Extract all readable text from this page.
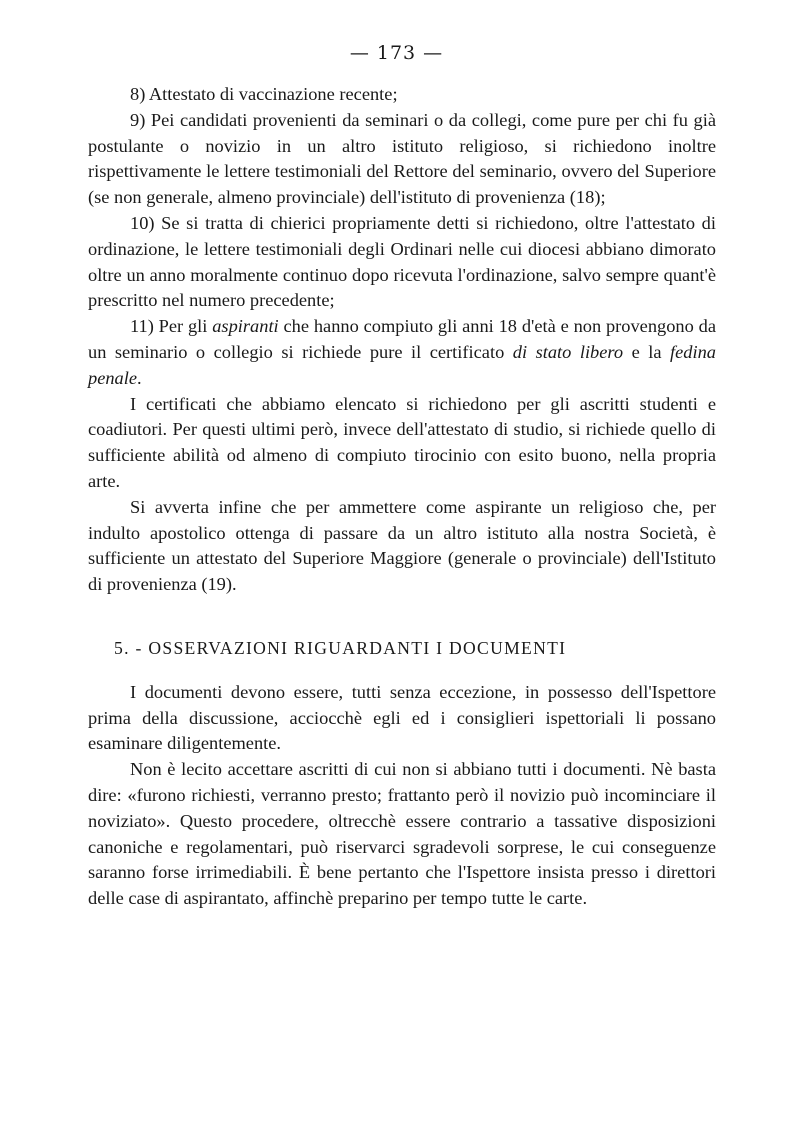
— 173 —

8) Attestato di vaccinazione recente;

9) Pei candidati provenienti da seminari o da collegi, come pure per chi fu già postulante o novizio in un altro istituto religioso, si richiedono inoltre rispettivamente le lettere testimoniali del Rettore del seminario, ovvero del Superiore (se non generale, almeno provinciale) dell'istituto di provenienza (18);

10) Se si tratta di chierici propriamente detti si richiedono, oltre l'attestato di ordinazione, le lettere testimoniali degli Ordinari nelle cui diocesi abbiano dimorato oltre un anno moralmente continuo dopo ricevuta l'ordinazione, salvo sempre quant'è prescritto nel numero precedente;

11) Per gli aspiranti che hanno compiuto gli anni 18 d'età e non provengono da un seminario o collegio si richiede pure il certificato di stato libero e la fedina penale.

I certificati che abbiamo elencato si richiedono per gli ascritti studenti e coadiutori. Per questi ultimi però, invece dell'attestato di studio, si richiede quello di sufficiente abilità od almeno di compiuto tirocinio con esito buono, nella propria arte.

Si avverta infine che per ammettere come aspirante un religioso che, per indulto apostolico ottenga di passare da un altro istituto alla nostra Società, è sufficiente un attestato del Superiore Maggiore (generale o provinciale) dell'Istituto di provenienza (19).

5. - OSSERVAZIONI RIGUARDANTI I DOCUMENTI

I documenti devono essere, tutti senza eccezione, in possesso dell'Ispettore prima della discussione, acciocchè egli ed i consiglieri ispettoriali li possano esaminare diligentemente.

Non è lecito accettare ascritti di cui non si abbiano tutti i documenti. Nè basta dire: «furono richiesti, verranno presto; frattanto però il novizio può incominciare il noviziato». Questo procedere, oltrecchè essere contrario a tassative disposizioni canoniche e regolamentari, può riservarci sgradevoli sorprese, le cui conseguenze saranno forse irrimediabili. È bene pertanto che l'Ispettore insista presso i direttori delle case di aspirantato, affinchè preparino per tempo tutte le carte.
